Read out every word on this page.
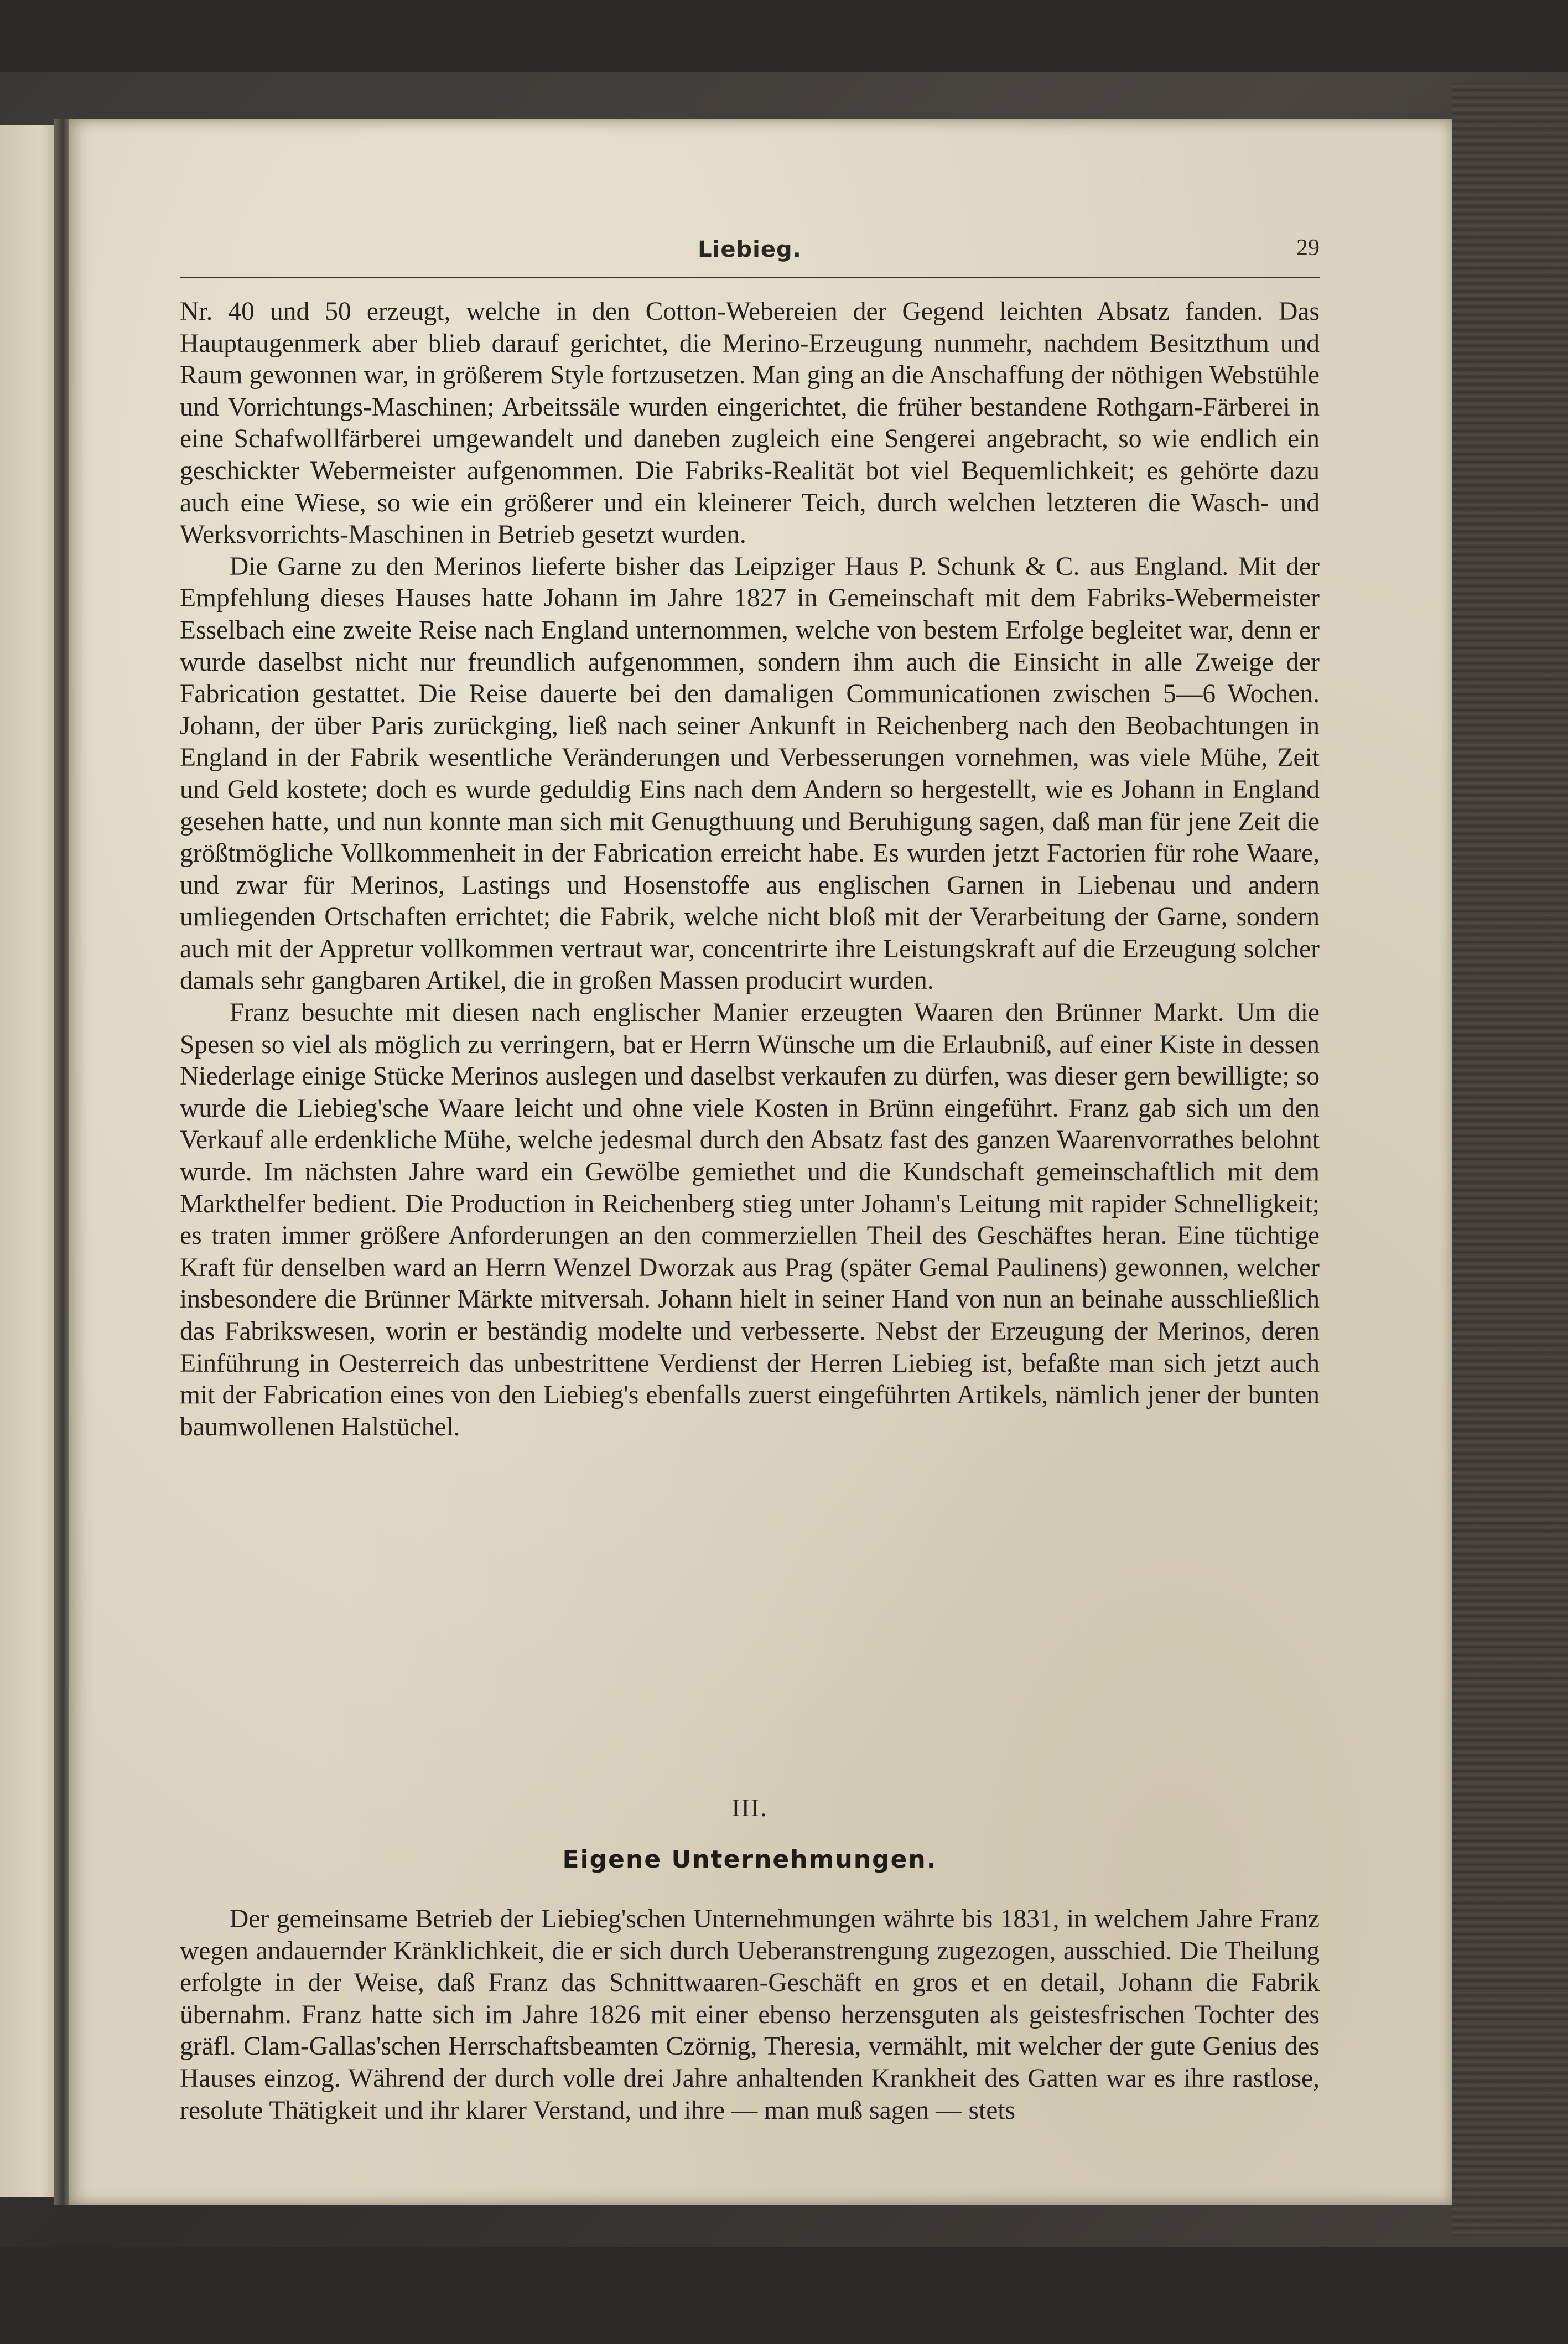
Liebieg.	29

Nr. 40 und 50 erzeugt, welche in den Cotton-Webereien der Gegend leichten Absatz fanden. Das Hauptaugenmerk aber blieb darauf gerichtet, die Merino-Erzeugung nunmehr, nachdem Besitzthum und Raum gewonnen war, in größerem Style fortzusetzen. Man ging an die Anschaffung der nöthigen Webstühle und Vorrichtungs-Maschinen; Arbeitssäle wurden eingerichtet, die früher bestandene Rothgarn-Färberei in eine Schafwollfärberei umgewandelt und daneben zugleich eine Sengerei angebracht, so wie endlich ein geschickter Webermeister aufgenommen. Die Fabriks-Realität bot viel Bequemlichkeit; es gehörte dazu auch eine Wiese, so wie ein größerer und ein kleinerer Teich, durch welchen letzteren die Wasch- und Werksvorrichts-Maschinen in Betrieb gesetzt wurden.

Die Garne zu den Merinos lieferte bisher das Leipziger Haus P. Schunk & C. aus England. Mit der Empfehlung dieses Hauses hatte Johann im Jahre 1827 in Gemeinschaft mit dem Fabriks-Webermeister Esselbach eine zweite Reise nach England unternommen, welche von bestem Erfolge begleitet war, denn er wurde daselbst nicht nur freundlich aufgenommen, sondern ihm auch die Einsicht in alle Zweige der Fabrication gestattet. Die Reise dauerte bei den damaligen Communicationen zwischen 5—6 Wochen. Johann, der über Paris zurückging, ließ nach seiner Ankunft in Reichenberg nach den Beobachtungen in England in der Fabrik wesentliche Veränderungen und Verbesserungen vornehmen, was viele Mühe, Zeit und Geld kostete; doch es wurde geduldig Eins nach dem Andern so hergestellt, wie es Johann in England gesehen hatte, und nun konnte man sich mit Genugthuung und Beruhigung sagen, daß man für jene Zeit die größtmögliche Vollkommenheit in der Fabrication erreicht habe. Es wurden jetzt Factorien für rohe Waare, und zwar für Merinos, Lastings und Hosenstoffe aus englischen Garnen in Liebenau und andern umliegenden Ortschaften errichtet; die Fabrik, welche nicht bloß mit der Verarbeitung der Garne, sondern auch mit der Appretur vollkommen vertraut war, concentrirte ihre Leistungskraft auf die Erzeugung solcher damals sehr gangbaren Artikel, die in großen Massen producirt wurden.

Franz besuchte mit diesen nach englischer Manier erzeugten Waaren den Brünner Markt. Um die Spesen so viel als möglich zu verringern, bat er Herrn Wünsche um die Erlaubniß, auf einer Kiste in dessen Niederlage einige Stücke Merinos auslegen und daselbst verkaufen zu dürfen, was dieser gern bewilligte; so wurde die Liebieg'sche Waare leicht und ohne viele Kosten in Brünn eingeführt. Franz gab sich um den Verkauf alle erdenkliche Mühe, welche jedesmal durch den Absatz fast des ganzen Waarenvorrathes belohnt wurde. Im nächsten Jahre ward ein Gewölbe gemiethet und die Kundschaft gemeinschaftlich mit dem Markthelfer bedient. Die Production in Reichenberg stieg unter Johann's Leitung mit rapider Schnelligkeit; es traten immer größere Anforderungen an den commerziellen Theil des Geschäftes heran. Eine tüchtige Kraft für denselben ward an Herrn Wenzel Dworzak aus Prag (später Gemal Paulinens) gewonnen, welcher insbesondere die Brünner Märkte mitversah. Johann hielt in seiner Hand von nun an beinahe ausschließlich das Fabrikswesen, worin er beständig modelte und verbesserte. Nebst der Erzeugung der Merinos, deren Einführung in Oesterreich das unbestrittene Verdienst der Herren Liebieg ist, befaßte man sich jetzt auch mit der Fabrication eines von den Liebieg's ebenfalls zuerst eingeführten Artikels, nämlich jener der bunten baumwollenen Halstüchel.

III.
Eigene Unternehmungen.

Der gemeinsame Betrieb der Liebieg'schen Unternehmungen währte bis 1831, in welchem Jahre Franz wegen andauernder Kränklichkeit, die er sich durch Ueberanstrengung zugezogen, ausschied. Die Theilung erfolgte in der Weise, daß Franz das Schnittwaaren-Geschäft en gros et en detail, Johann die Fabrik übernahm. Franz hatte sich im Jahre 1826 mit einer ebenso herzensguten als geistesfrischen Tochter des gräfl. Clam-Gallas'schen Herrschaftsbeamten Czörnig, Theresia, vermählt, mit welcher der gute Genius des Hauses einzog. Während der durch volle drei Jahre anhaltenden Krankheit des Gatten war es ihre rastlose, resolute Thätigkeit und ihr klarer Verstand, und ihre — man muß sagen — stets
